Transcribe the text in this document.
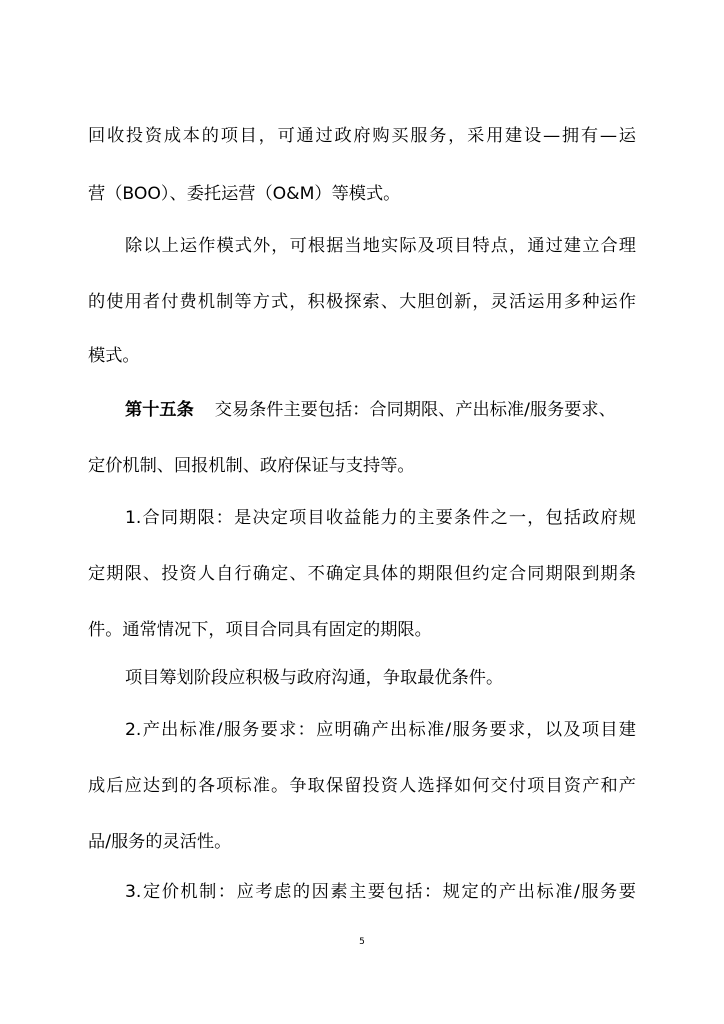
回收投资成本的项目，可通过政府购买服务，采用建设—拥有—运
营（BOO）、委托运营（O&M）等模式。
除以上运作模式外，可根据当地实际及项目特点，通过建立合理
的使用者付费机制等方式，积极探索、大胆创新，灵活运用多种运作
模式。
第十五条 交易条件主要包括：合同期限、产出标准/服务要求、
定价机制、回报机制、政府保证与支持等。
1.合同期限：是决定项目收益能力的主要条件之一，包括政府规
定期限、投资人自行确定、不确定具体的期限但约定合同期限到期条
件。通常情况下，项目合同具有固定的期限。
项目筹划阶段应积极与政府沟通，争取最优条件。
2.产出标准/服务要求：应明确产出标准/服务要求，以及项目建
成后应达到的各项标准。争取保留投资人选择如何交付项目资产和产
品/服务的灵活性。
3.定价机制：应考虑的因素主要包括：规定的产出标准/服务要
5
